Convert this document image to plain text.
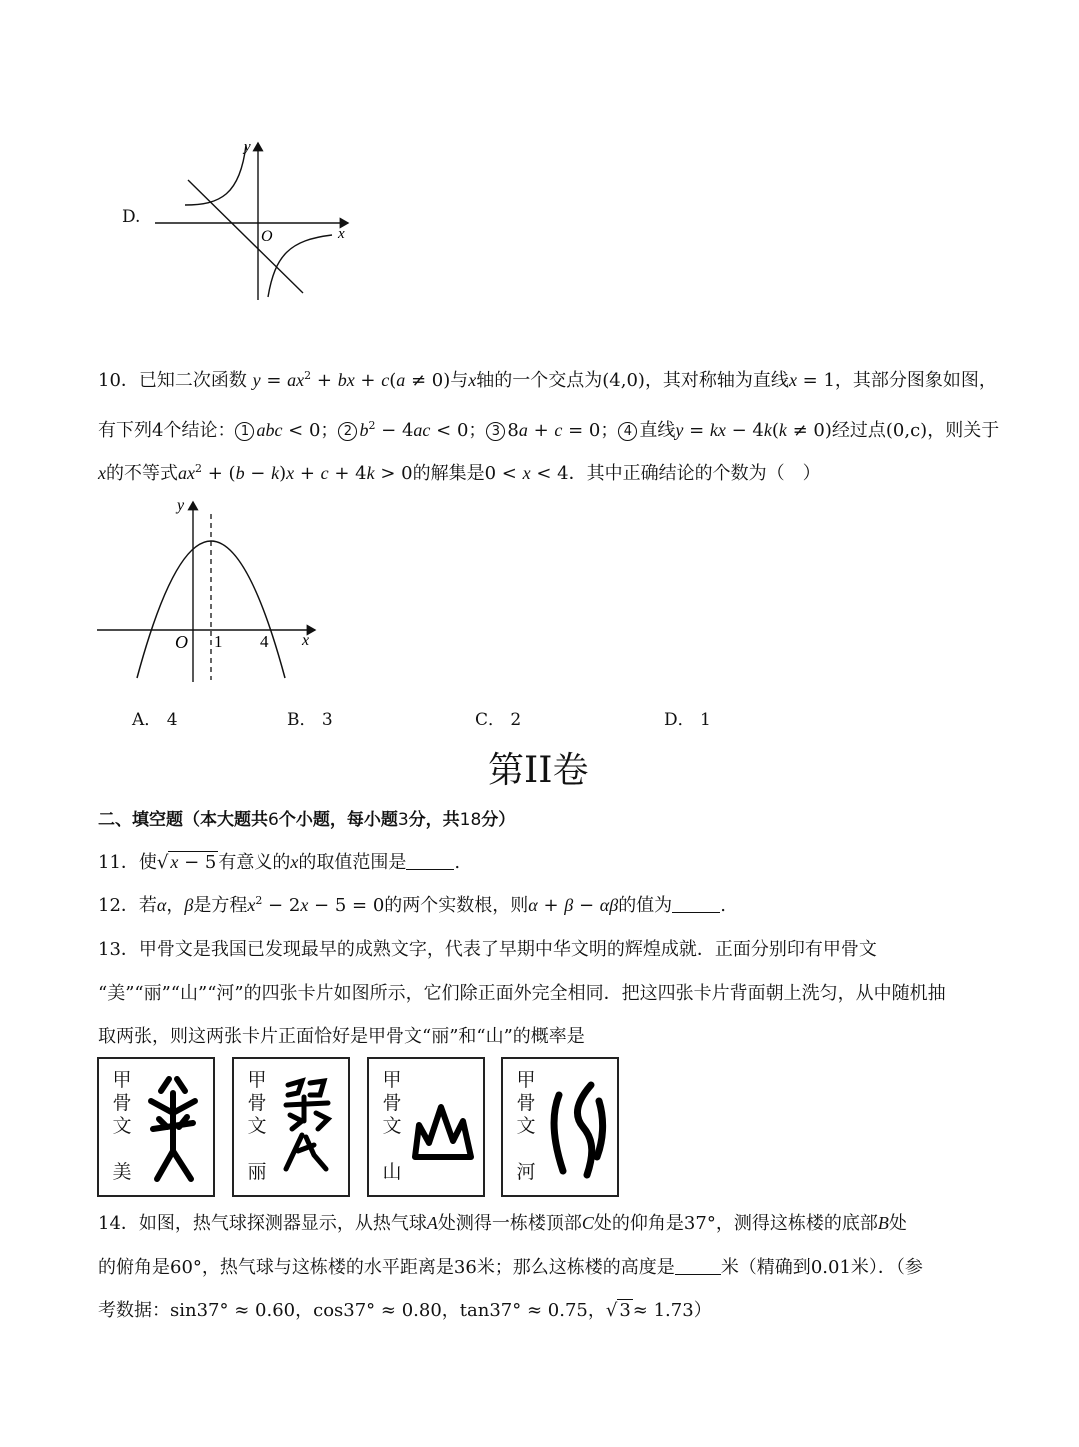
D.
y
x
O
10．已知二次函数 $y = ax^2$ + bx + c(a ≠ 0)与x轴的一个交点为(4,0)，其对称轴为直线x = 1，其部分图象如图，
有下列4个结论： 1 abc < 0； 2 $b^2 - 4ac < 0$； 3 8a + c = 0； 4 直线y = kx − 4k(k ≠ 0)经过点(0,c)，则关于
x的不等式$ax^2 + (b - k)x + c + 4k > 0$的解集是0 < x < 4．其中正确结论的个数为（　）
y
x
O 1 4
A． 4	B． 3	C． 2	D． 1
第II卷
二、填空题（本大题共6个小题，每小题3分，共18分）
11．使√ x − 5 有意义的x的取值范围是	.
12．若α，β是方程$x^2 - 2x - 5 = 0$的两个实数根，则α + β − αβ的值为	.
13．甲骨文是我国已发现最早的成熟文字，代表了早期中华文明的辉煌成就．正面分别印有甲骨文
“美”“丽”“山”“河”的四张卡片如图所示，它们除正面外完全相同．把这四张卡片背面朝上洗匀，从中随机抽
取两张，则这两张卡片正面恰好是甲骨文“丽”和“山”的概率是
甲骨文
美
甲骨文
丽
甲骨文
山
甲骨文
河
14．如图，热气球探测器显示，从热气球A处测得一栋楼顶部C处的仰角是37°，测得这栋楼的底部B处
的俯角是60°，热气球与这栋楼的水平距离是36米；那么这栋楼的高度是	米（精确到0.01米）．（参
考数据：sin37° ≈ 0.60，cos37° ≈ 0.80，tan37° ≈ 0.75，√ 3 ≈ 1.73）
